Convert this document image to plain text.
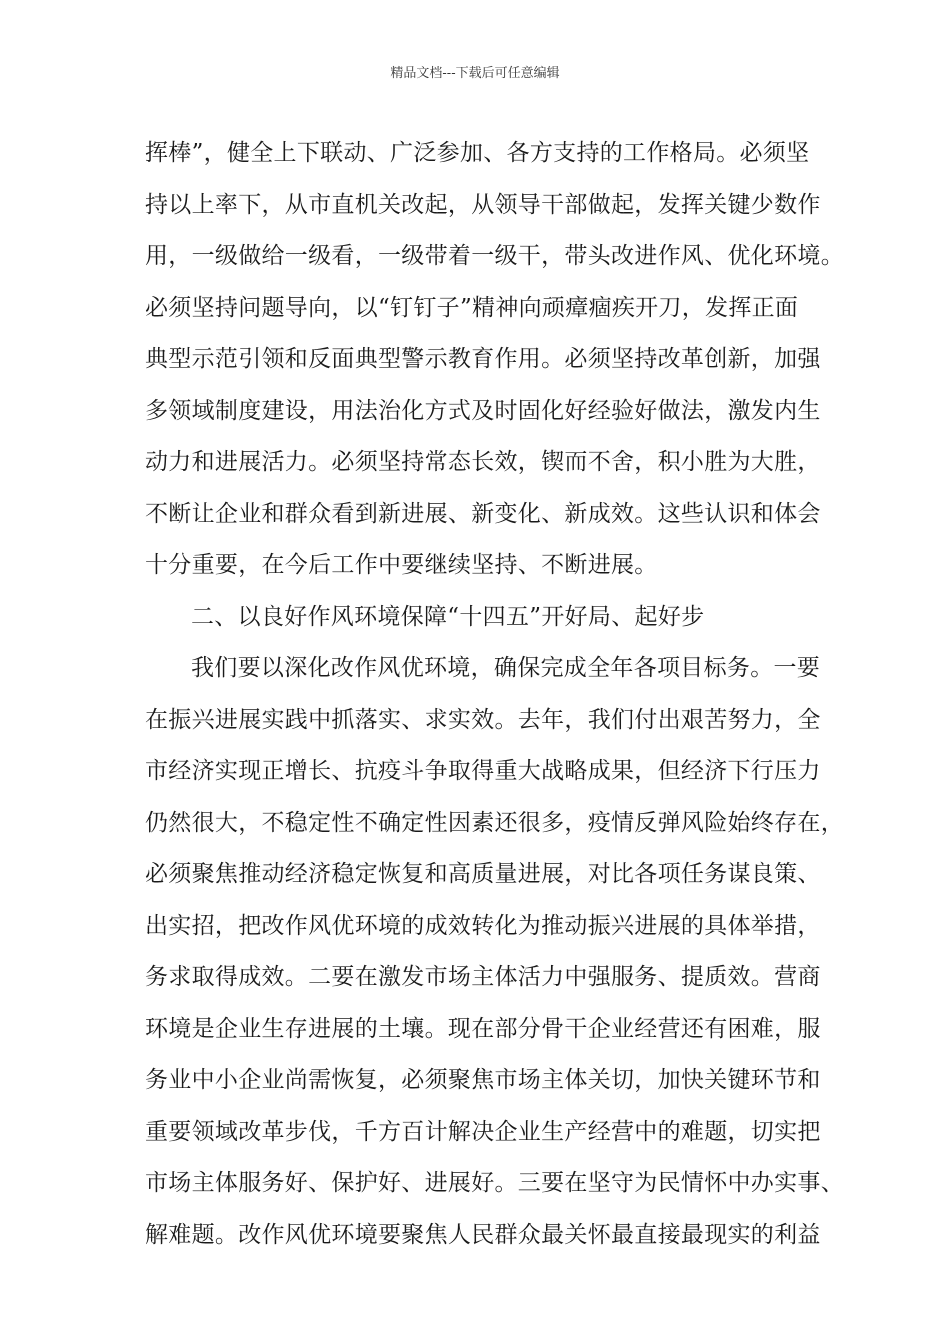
精品文档---下载后可任意编辑
挥棒”，健全上下联动、广泛参加、各方支持的工作格局。必须坚
持以上率下，从市直机关改起，从领导干部做起，发挥关键少数作
用，一级做给一级看，一级带着一级干，带头改进作风、优化环境。
必须坚持问题导向，以“钉钉子”精神向顽瘴痼疾开刀，发挥正面
典型示范引领和反面典型警示教育作用。必须坚持改革创新，加强
多领域制度建设，用法治化方式及时固化好经验好做法，激发内生
动力和进展活力。必须坚持常态长效，锲而不舍，积小胜为大胜，
不断让企业和群众看到新进展、新变化、新成效。这些认识和体会
十分重要，在今后工作中要继续坚持、不断进展。
二、以良好作风环境保障“十四五”开好局、起好步
我们要以深化改作风优环境，确保完成全年各项目标务。一要
在振兴进展实践中抓落实、求实效。去年，我们付出艰苦努力，全
市经济实现正增长、抗疫斗争取得重大战略成果，但经济下行压力
仍然很大，不稳定性不确定性因素还很多，疫情反弹风险始终存在，
必须聚焦推动经济稳定恢复和高质量进展，对比各项任务谋良策、
出实招，把改作风优环境的成效转化为推动振兴进展的具体举措，
务求取得成效。二要在激发市场主体活力中强服务、提质效。营商
环境是企业生存进展的土壤。现在部分骨干企业经营还有困难，服
务业中小企业尚需恢复，必须聚焦市场主体关切，加快关键环节和
重要领域改革步伐，千方百计解决企业生产经营中的难题，切实把
市场主体服务好、保护好、进展好。三要在坚守为民情怀中办实事、
解难题。改作风优环境要聚焦人民群众最关怀最直接最现实的利益
